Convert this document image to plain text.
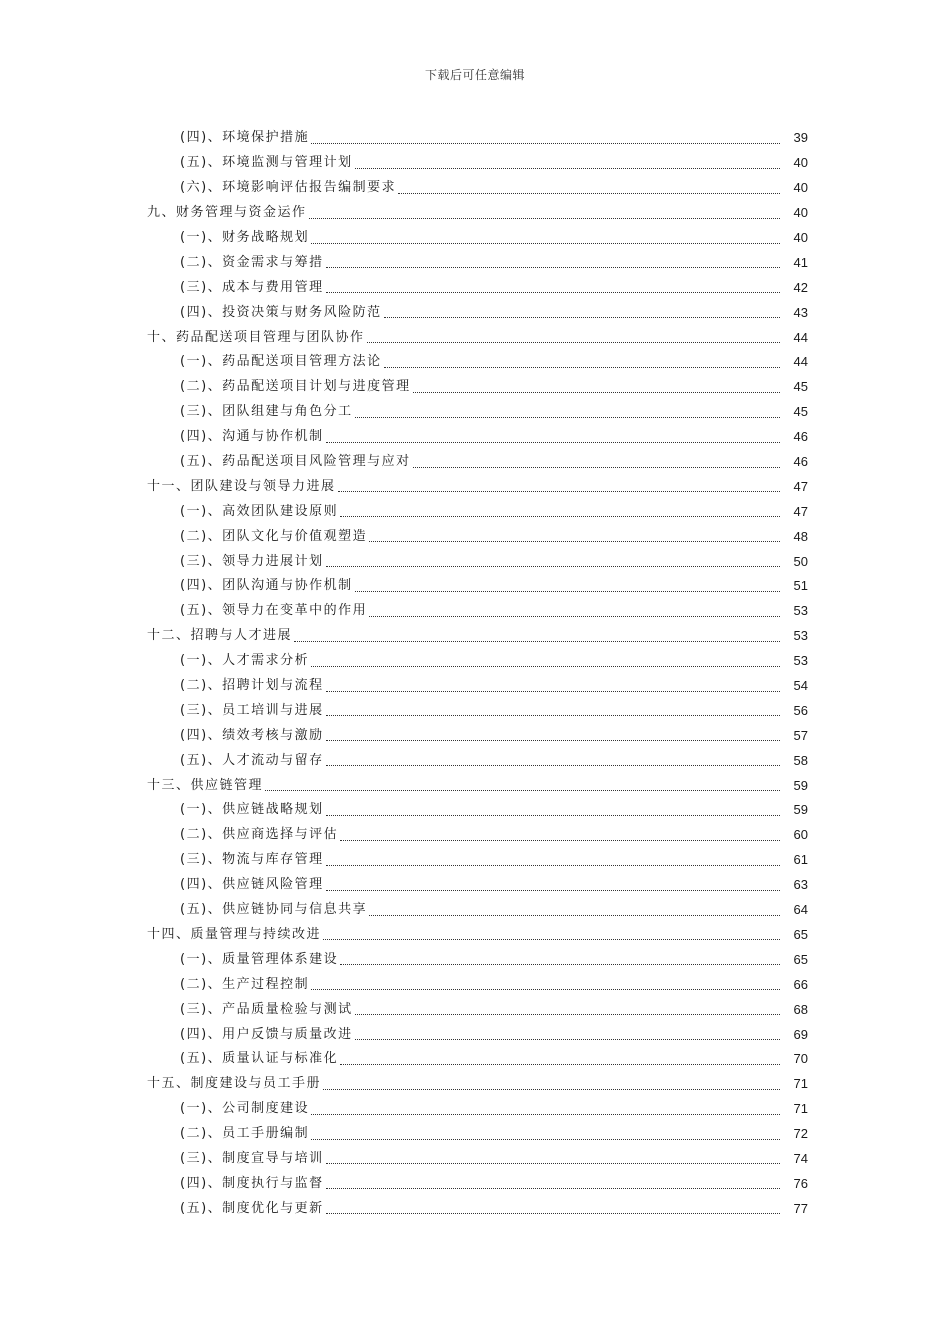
下载后可任意编辑
(四)、环境保护措施	39
(五)、环境监测与管理计划	40
(六)、环境影响评估报告编制要求	40
九、财务管理与资金运作	40
(一)、财务战略规划	40
(二)、资金需求与筹措	41
(三)、成本与费用管理	42
(四)、投资决策与财务风险防范	43
十、药品配送项目管理与团队协作	44
(一)、药品配送项目管理方法论	44
(二)、药品配送项目计划与进度管理	45
(三)、团队组建与角色分工	45
(四)、沟通与协作机制	46
(五)、药品配送项目风险管理与应对	46
十一、团队建设与领导力进展	47
(一)、高效团队建设原则	47
(二)、团队文化与价值观塑造	48
(三)、领导力进展计划	50
(四)、团队沟通与协作机制	51
(五)、领导力在变革中的作用	53
十二、招聘与人才进展	53
(一)、人才需求分析	53
(二)、招聘计划与流程	54
(三)、员工培训与进展	56
(四)、绩效考核与激励	57
(五)、人才流动与留存	58
十三、供应链管理	59
(一)、供应链战略规划	59
(二)、供应商选择与评估	60
(三)、物流与库存管理	61
(四)、供应链风险管理	63
(五)、供应链协同与信息共享	64
十四、质量管理与持续改进	65
(一)、质量管理体系建设	65
(二)、生产过程控制	66
(三)、产品质量检验与测试	68
(四)、用户反馈与质量改进	69
(五)、质量认证与标准化	70
十五、制度建设与员工手册	71
(一)、公司制度建设	71
(二)、员工手册编制	72
(三)、制度宣导与培训	74
(四)、制度执行与监督	76
(五)、制度优化与更新	77
